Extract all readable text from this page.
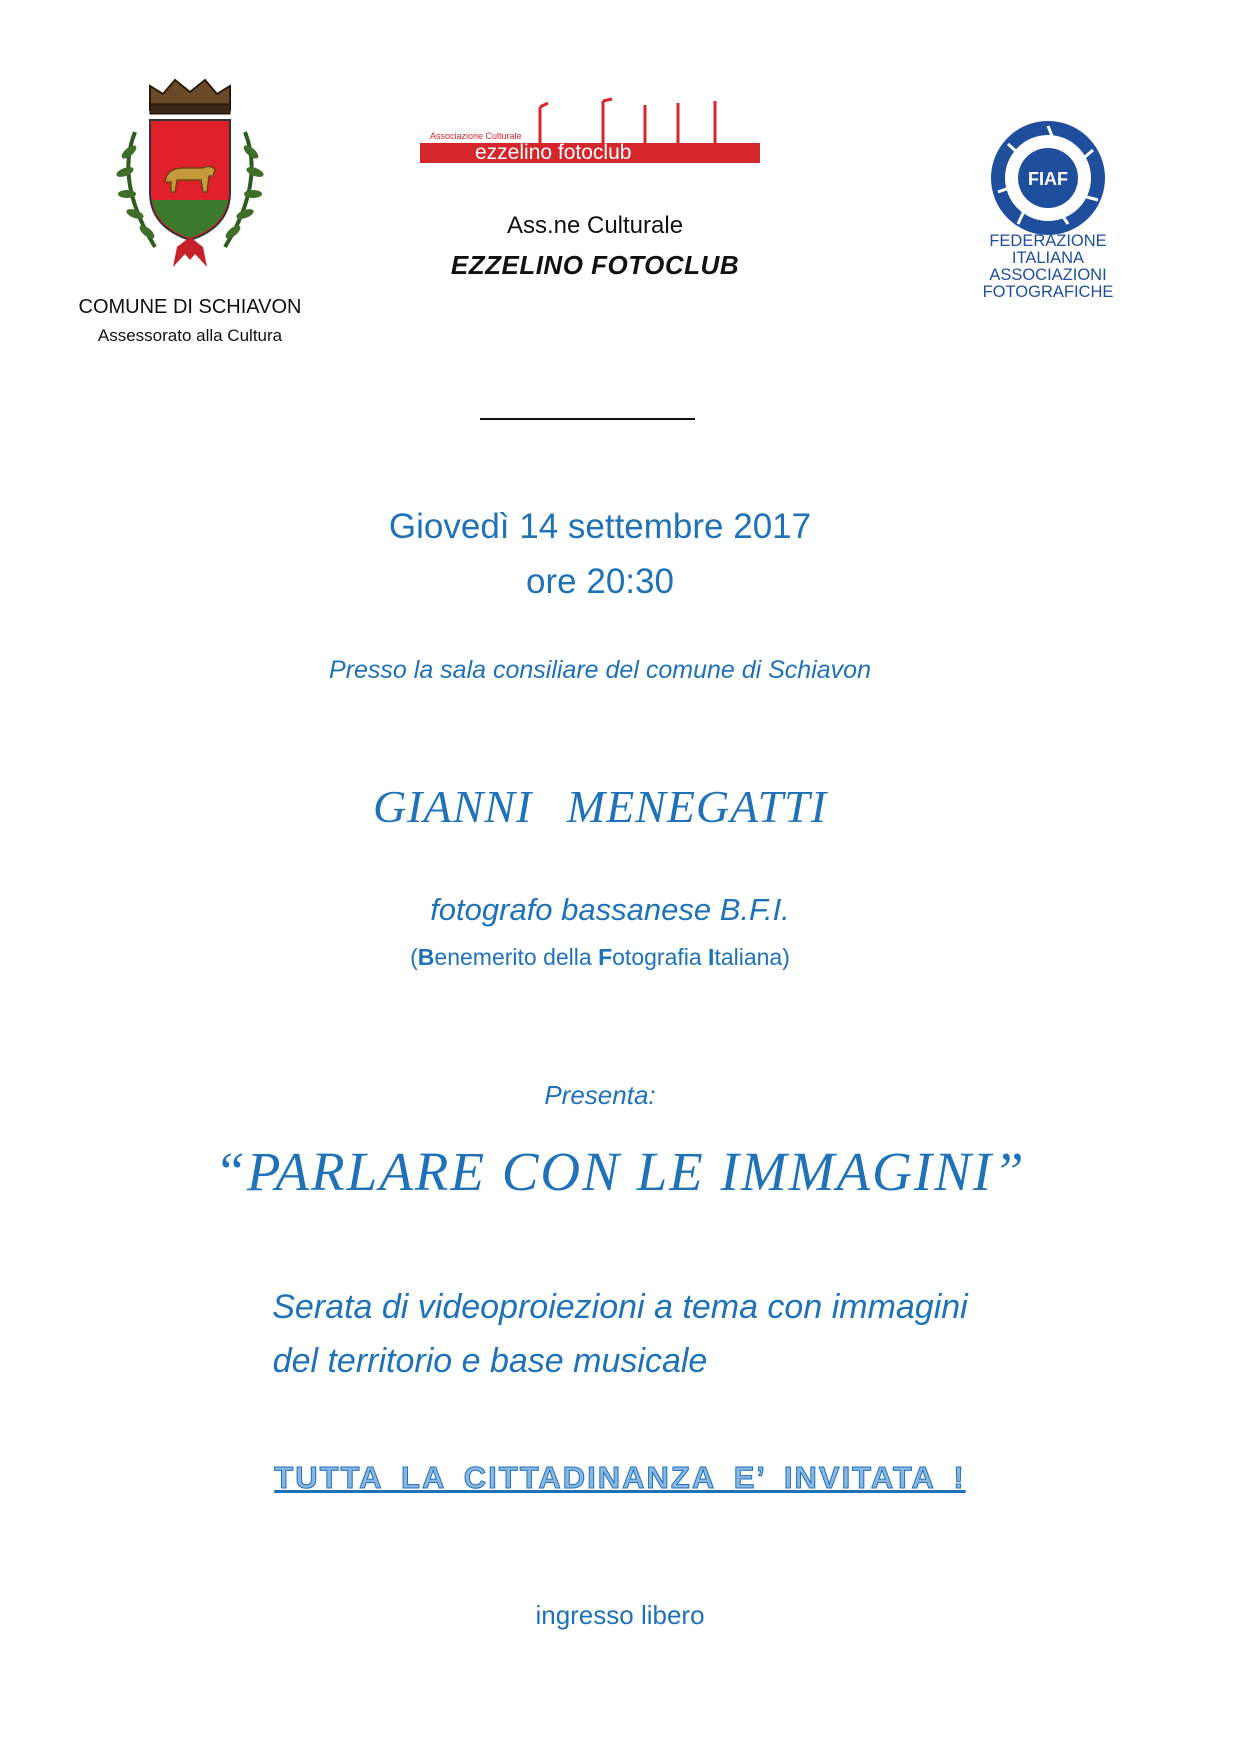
COMUNE DI SCHIAVON
Assessorato alla Cultura
Associazione Culturale
ezzelino fotoclub
Ass.ne Culturale
EZZELINO FOTOCLUB
FIAF
FEDERAZIONE
ITALIANA
ASSOCIAZIONI
FOTOGRAFICHE
Giovedì 14 settembre 2017
ore 20:30
Presso la sala consiliare del comune di Schiavon
GIANNI MENEGATTI
fotografo bassanese B.F.I.
(Benemerito della Fotografia Italiana)
Presenta:
“PARLARE CON LE IMMAGINI”
Serata di videoproiezioni a tema con immagini
del territorio e base musicale
TUTTA LA CITTADINANZA E’ INVITATA !
ingresso libero
